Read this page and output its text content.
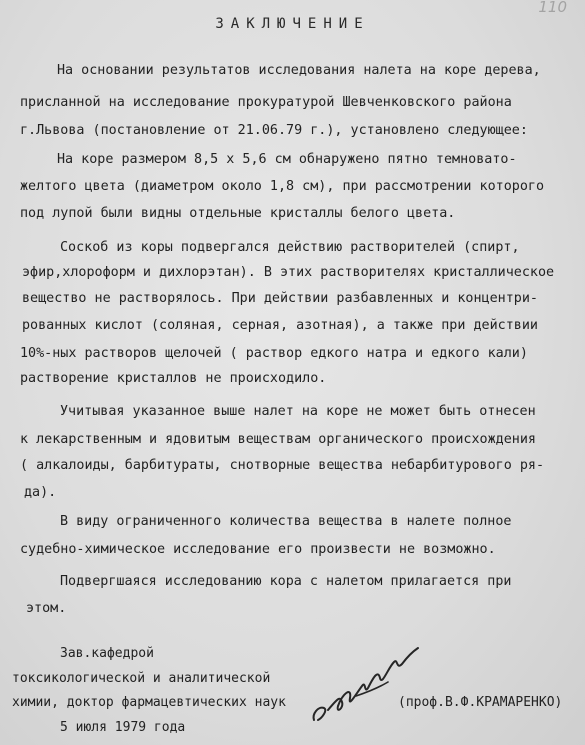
110
ЗАКЛЮЧЕНИЕ
На основании результатов исследования налета на коре дерева,
присланной на исследование прокуратурой Шевченковского района
г.Львова (постановление от 21.06.79 г.), установлено следующее:
На коре размером 8,5 х 5,6 см обнаружено пятно темновато-
желтого цвета (диаметром около 1,8 см), при рассмотрении которого
под лупой были видны отдельные кристаллы белого цвета.
Соскоб из коры подвергался действию растворителей (спирт,
эфир,хлороформ и дихлорэтан). В этих растворителях кристаллическое
вещество не растворялось. При действии разбавленных и концентри-
рованных кислот (соляная, серная, азотная), а также при действии
10%-ных растворов щелочей ( раствор едкого натра и едкого кали)
растворение кристаллов не происходило.
Учитывая указанное выше налет на коре не может быть отнесен
к лекарственным и ядовитым веществам органического происхождения
( алкалоиды, барбитураты, снотворные вещества небарбитурового ря-
да).
В виду ограниченного количества вещества в налете полное
судебно-химическое исследование его произвести не возможно.
Подвергшаяся исследованию кора с налетом прилагается при
этом.
Зав.кафедрой
токсикологической и аналитической
химии, доктор фармацевтических наук	(проф.В.Ф.КРАМАРЕНКО)
5 июля 1979 года
